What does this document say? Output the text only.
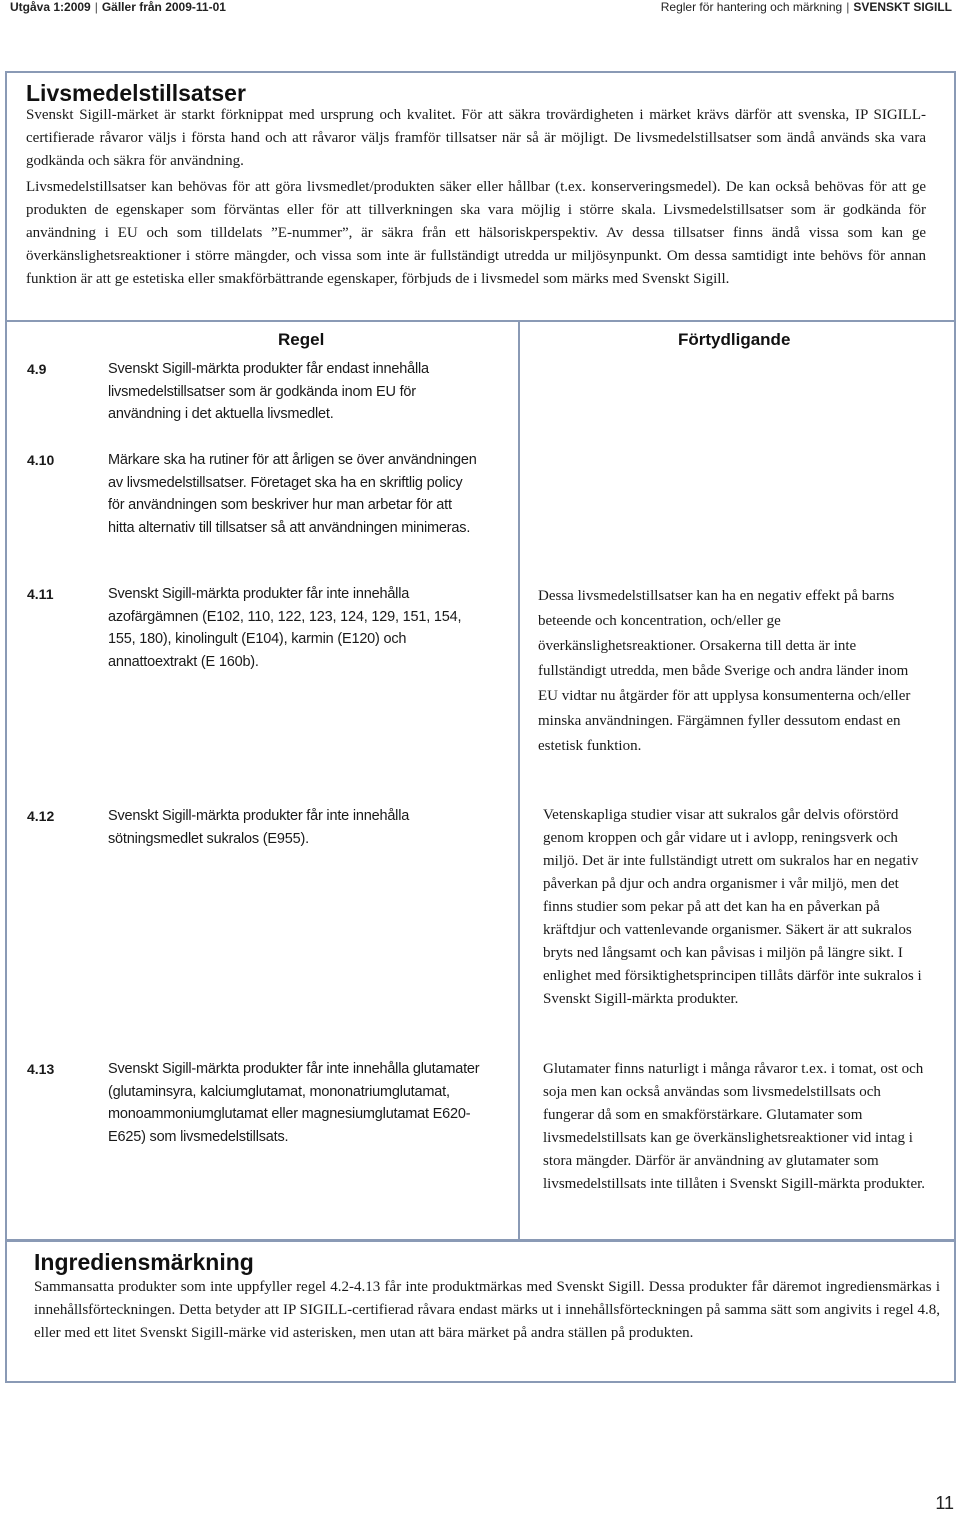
Utgåva 1:2009 | Gäller från 2009-11-01	Regler för hantering och märkning | SVENSKT SIGILL
Livsmedelstillsatser

Svenskt Sigill-märket är starkt förknippat med ursprung och kvalitet. För att säkra trovärdigheten i märket krävs därför att svenska, IP SIGILL-certifierade råvaror väljs i första hand och att råvaror väljs framför tillsatser när så är möjligt. De livsmedelstillsatser som ändå används ska vara godkända och säkra för användning.

Livsmedelstillsatser kan behövas för att göra livsmedlet/produkten säker eller hållbar (t.ex. konserveringsmedel). De kan också behövas för att ge produkten de egenskaper som förväntas eller för att tillverkningen ska vara möjlig i större skala. Livsmedelstillsatser som är godkända för användning i EU och som tilldelats ”E-nummer”, är säkra från ett hälsoriskperspektiv. Av dessa tillsatser finns ändå vissa som kan ge överkänslighetsreaktioner i större mängder, och vissa som inte är fullständigt utredda ur miljösynpunkt. Om dessa samtidigt inte behövs för annan funktion är att ge estetiska eller smakförbättrande egenskaper, förbjuds de i livsmedel som märks med Svenskt Sigill.

Regel	Förtydligande
4.9	Svenskt Sigill-märkta produkter får endast innehålla livsmedelstillsatser som är godkända inom EU för användning i det aktuella livsmedlet.

4.10	Märkare ska ha rutiner för att årligen se över användningen av livsmedelstillsatser. Företaget ska ha en skriftlig policy för användningen som beskriver hur man arbetar för att hitta alternativ till tillsatser så att användningen minimeras.

4.11	Svenskt Sigill-märkta produkter får inte innehålla azofärgämnen (E102, 110, 122, 123, 124, 129, 151, 154, 155, 180), kinolingult (E104), karmin (E120) och annattoextrakt (E 160b).

Dessa livsmedelstillsatser kan ha en negativ effekt på barns beteende och koncentration, och/eller ge överkänslighetsreaktioner. Orsakerna till detta är inte fullständigt utredda, men både Sverige och andra länder inom EU vidtar nu åtgärder för att upplysa konsumenterna och/eller minska användningen. Färgämnen fyller dessutom endast en estetisk funktion.

4.12	Svenskt Sigill-märkta produkter får inte innehålla sötningsmedlet sukralos (E955).

Vetenskapliga studier visar att sukralos går delvis oförstörd genom kroppen och går vidare ut i avlopp, reningsverk och miljö. Det är inte fullständigt utrett om sukralos har en negativ påverkan på djur och andra organismer i vår miljö, men det finns studier som pekar på att det kan ha en påverkan på kräftdjur och vattenlevande organismer. Säkert är att sukralos bryts ned långsamt och kan påvisas i miljön på längre sikt. I enlighet med försiktighetsprincipen tillåts därför inte sukralos i Svenskt Sigill-märkta produkter.

4.13	Svenskt Sigill-märkta produkter får inte innehålla glutamater (glutaminsyra, kalciumglutamat, mononatriumglutamat, monoammoniumglutamat eller magnesiumglutamat E620-E625) som livsmedelstillsats.

Glutamater finns naturligt i många råvaror t.ex. i tomat, ost och soja men kan också användas som livsmedelstillsats och fungerar då som en smakförstärkare. Glutamater som livsmedelstillsats kan ge överkänslighetsreaktioner vid intag i stora mängder. Därför är användning av glutamater som livsmedelstillsats inte tillåten i Svenskt Sigill-märkta produkter.

Ingrediensmärkning

Sammansatta produkter som inte uppfyller regel 4.2-4.13 får inte produktmärkas med Svenskt Sigill. Dessa produkter får däremot ingrediensmärkas i innehållsförteckningen. Detta betyder att IP SIGILL-certifierad råvara endast märks ut i innehållsförteckningen på samma sätt som angivits i regel 4.8, eller med ett litet Svenskt Sigill-märke vid asterisken, men utan att bära märket på andra ställen på produkten.

11
